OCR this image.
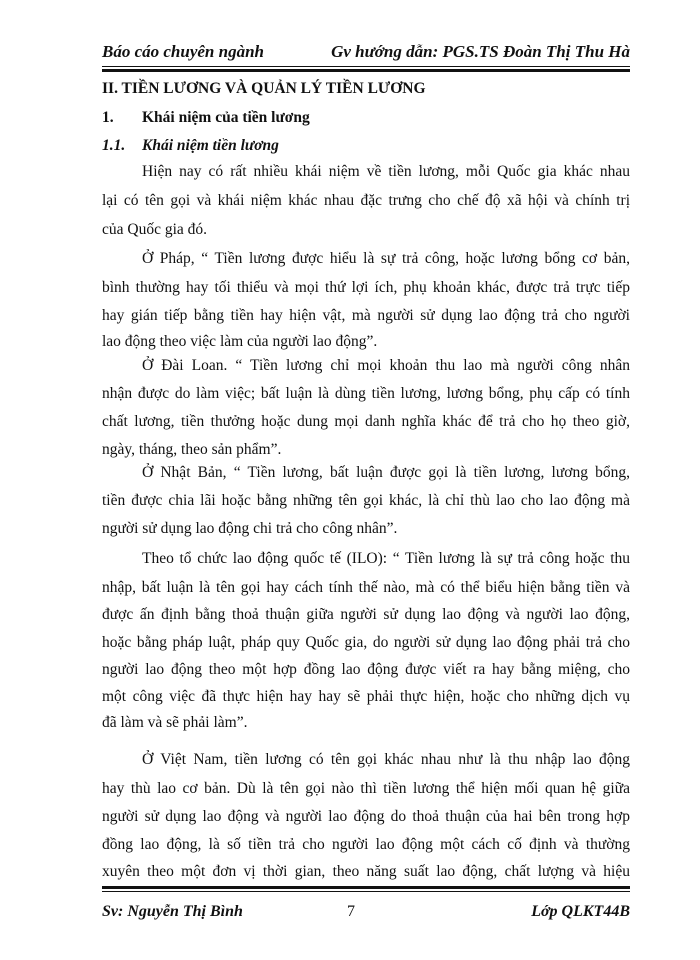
Báo cáo chuyên ngành	Gv hướng dẫn: PGS.TS Đoàn Thị Thu Hà
II. TIỀN LƯƠNG VÀ QUẢN LÝ TIỀN LƯƠNG
1. Khái niệm của tiền lương
1.1. Khái niệm tiền lương
Hiện nay có rất nhiều khái niệm về tiền lương, mỗi Quốc gia khác nhau
lại có tên gọi và khái niệm khác nhau đặc trưng cho chế độ xã hội và chính trị
của Quốc gia đó.
Ở Pháp, “ Tiền lương được hiểu là sự trả công, hoặc lương bổng cơ bản,
bình thường hay tối thiểu và mọi thứ lợi ích, phụ khoản khác, được trả trực tiếp
hay gián tiếp bằng tiền hay hiện vật, mà người sử dụng lao động trả cho người
lao động theo việc làm của người lao động”.
Ở Đài Loan. “ Tiền lương chỉ mọi khoản thu lao mà người công nhân
nhận được do làm việc; bất luận là dùng tiền lương, lương bổng, phụ cấp có tính
chất lương, tiền thưởng hoặc dung mọi danh nghĩa khác để trả cho họ theo giờ,
ngày, tháng, theo sản phẩm”.
Ở Nhật Bản, “ Tiền lương, bất luận được gọi là tiền lương, lương bổng,
tiền được chia lãi hoặc bằng những tên gọi khác, là chỉ thù lao cho lao động mà
người sử dụng lao động chi trả cho công nhân”.
Theo tổ chức lao động quốc tế (ILO): “ Tiền lương là sự trả công hoặc thu
nhập, bất luận là tên gọi hay cách tính thế nào, mà có thể biểu hiện bằng tiền và
được ấn định bằng thoả thuận giữa người sử dụng lao động và người lao động,
hoặc bằng pháp luật, pháp quy Quốc gia, do người sử dụng lao động phải trả cho
người lao động theo một hợp đồng lao động được viết ra hay bằng miệng, cho
một công việc đã thực hiện hay hay sẽ phải thực hiện, hoặc cho những dịch vụ
đã làm và sẽ phải làm”.
Ở Việt Nam, tiền lương có tên gọi khác nhau như là thu nhập lao động
hay thù lao cơ bản. Dù là tên gọi nào thì tiền lương thể hiện mối quan hệ giữa
người sử dụng lao động và người lao động do thoả thuận của hai bên trong hợp
đồng lao động, là số tiền trả cho người lao động một cách cố định và thường
xuyên theo một đơn vị thời gian, theo năng suất lao động, chất lượng và hiệu
Sv: Nguyễn Thị Bình	7	Lớp QLKT44B
